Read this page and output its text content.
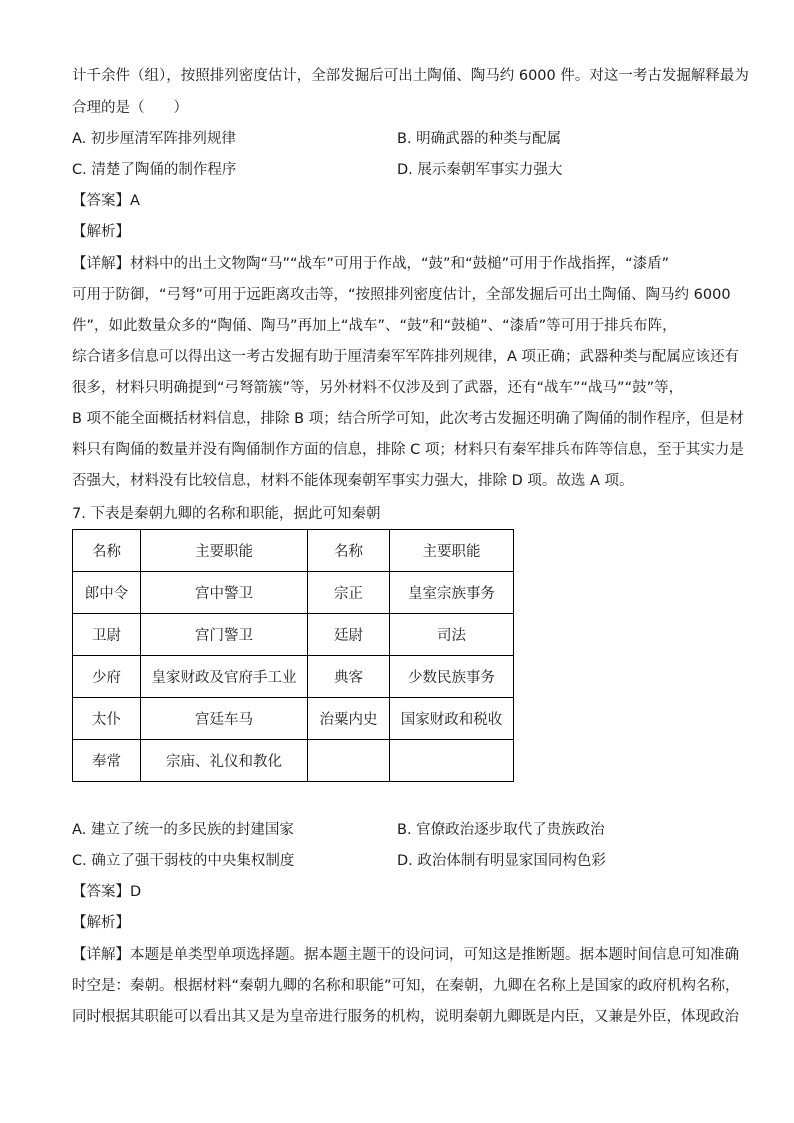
计千余件（组），按照排列密度估计，全部发掘后可出土陶俑、陶马约 6000 件。对这一考古发掘解释最为
合理的是（　　）
A. 初步厘清军阵排列规律	B. 明确武器的种类与配属
C. 清楚了陶俑的制作程序	D. 展示秦朝军事实力强大
【答案】A
【解析】
【详解】材料中的出土文物陶“马”“战车”可用于作战，“鼓”和“鼓槌”可用于作战指挥，“漆盾”
可用于防御，“弓弩”可用于远距离攻击等，“按照排列密度估计，全部发掘后可出土陶俑、陶马约 6000
件”，如此数量众多的“陶俑、陶马”再加上“战车”、“鼓”和“鼓槌”、“漆盾”等可用于排兵布阵，
综合诸多信息可以得出这一考古发掘有助于厘清秦军军阵排列规律，A 项正确；武器种类与配属应该还有
很多，材料只明确提到“弓弩箭簇”等，另外材料不仅涉及到了武器，还有“战车”“战马”“鼓”等，
B 项不能全面概括材料信息，排除 B 项；结合所学可知，此次考古发掘还明确了陶俑的制作程序，但是材
料只有陶俑的数量并没有陶俑制作方面的信息，排除 C 项；材料只有秦军排兵布阵等信息，至于其实力是
否强大，材料没有比较信息，材料不能体现秦朝军事实力强大，排除 D 项。故选 A 项。
7. 下表是秦朝九卿的名称和职能，据此可知秦朝
名称	主要职能	名称	主要职能
郎中令	宫中警卫	宗正	皇室宗族事务
卫尉	宫门警卫	廷尉	司法
少府	皇家财政及官府手工业	典客	少数民族事务
太仆	宫廷车马	治粟内史	国家财政和税收
奉常	宗庙、礼仪和教化		
A. 建立了统一的多民族的封建国家	B. 官僚政治逐步取代了贵族政治
C. 确立了强干弱枝的中央集权制度	D. 政治体制有明显家国同构色彩
【答案】D
【解析】
【详解】本题是单类型单项选择题。据本题主题干的设问词，可知这是推断题。据本题时间信息可知准确
时空是：秦朝。根据材料“秦朝九卿的名称和职能”可知，在秦朝，九卿在名称上是国家的政府机构名称，
同时根据其职能可以看出其又是为皇帝进行服务的机构，说明秦朝九卿既是内臣，又兼是外臣，体现政治
